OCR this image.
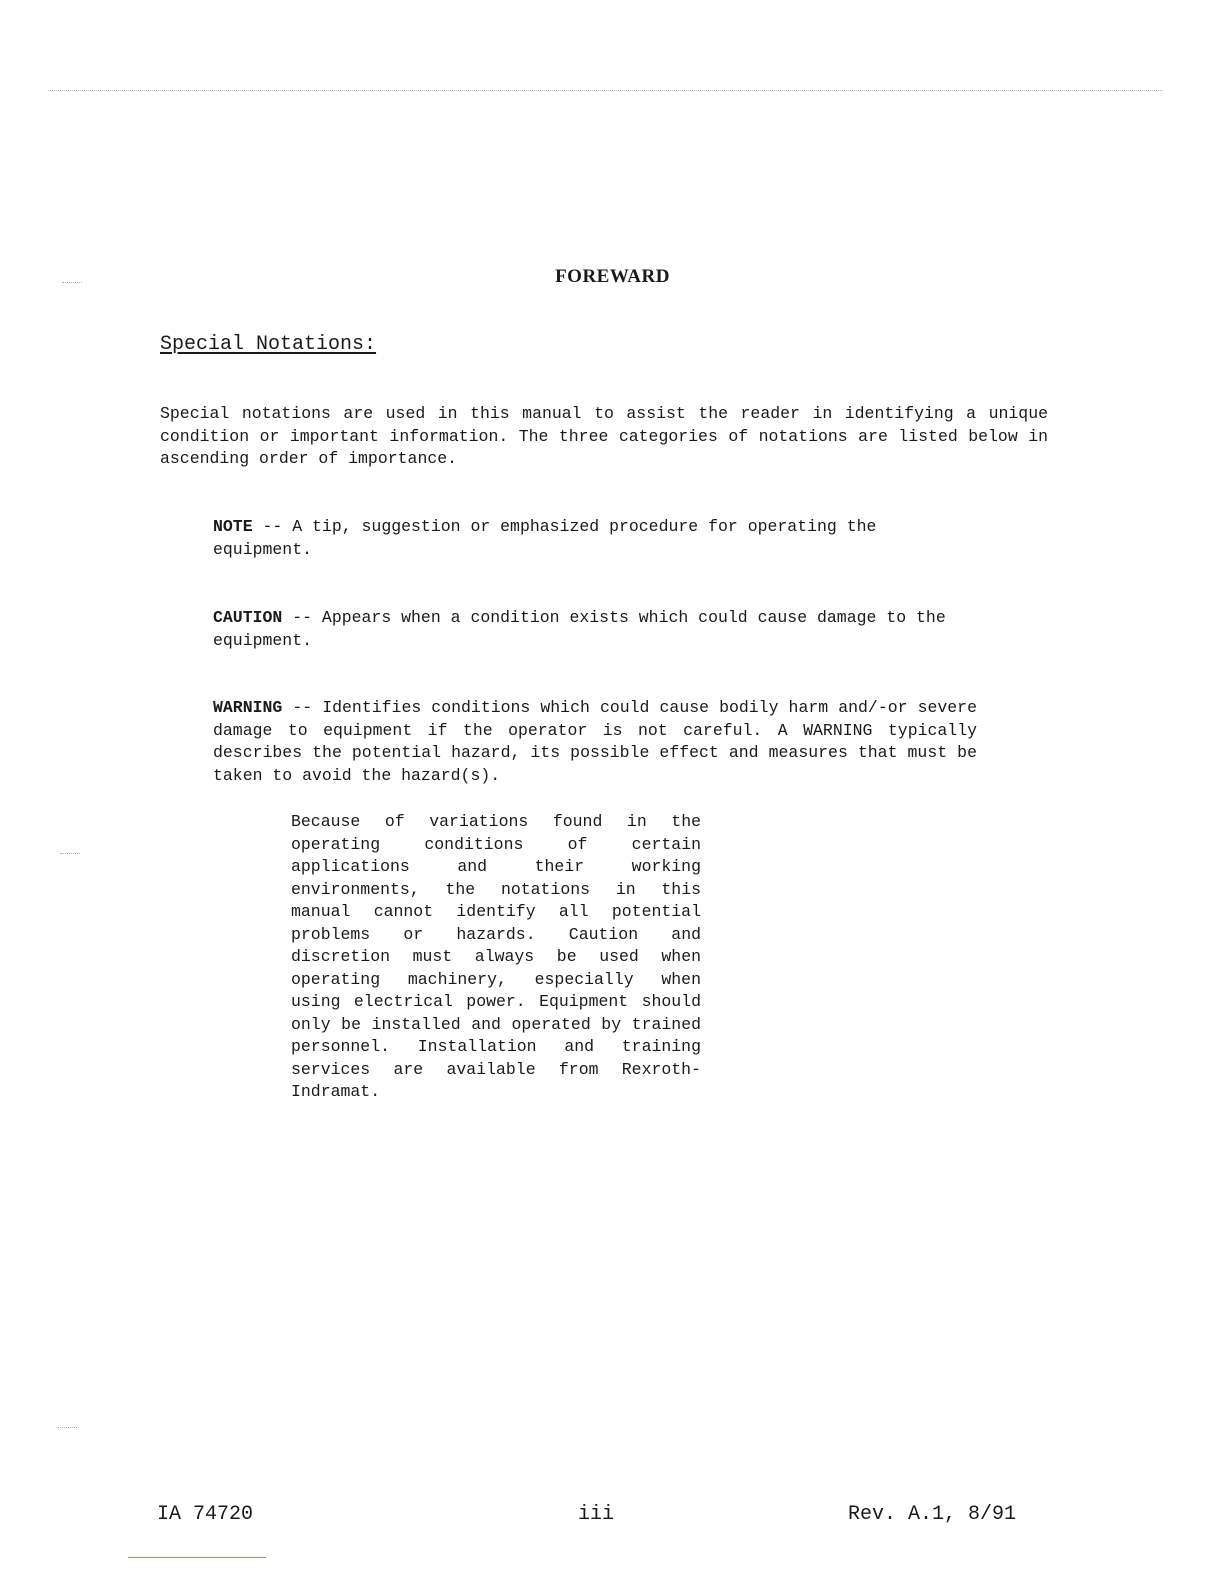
FOREWARD
Special Notations:

Special notations are used in this manual to assist the reader in identifying a unique condition or important information. The three categories of notations are listed below in ascending order of importance.

NOTE -- A tip, suggestion or emphasized procedure for operating the equipment.

CAUTION -- Appears when a condition exists which could cause damage to the equipment.

WARNING -- Identifies conditions which could cause bodily harm and/-or severe damage to equipment if the operator is not careful. A WARNING typically describes the potential hazard, its possible effect and measures that must be taken to avoid the hazard(s).

Because of variations found in the operating conditions of certain applications and their working environments, the notations in this manual cannot identify all potential problems or hazards. Caution and discretion must always be used when operating machinery, especially when using electrical power. Equipment should only be installed and operated by trained personnel. Installation and training services are available from Rexroth-Indramat.

IA 74720	iii	Rev. A.1, 8/91
